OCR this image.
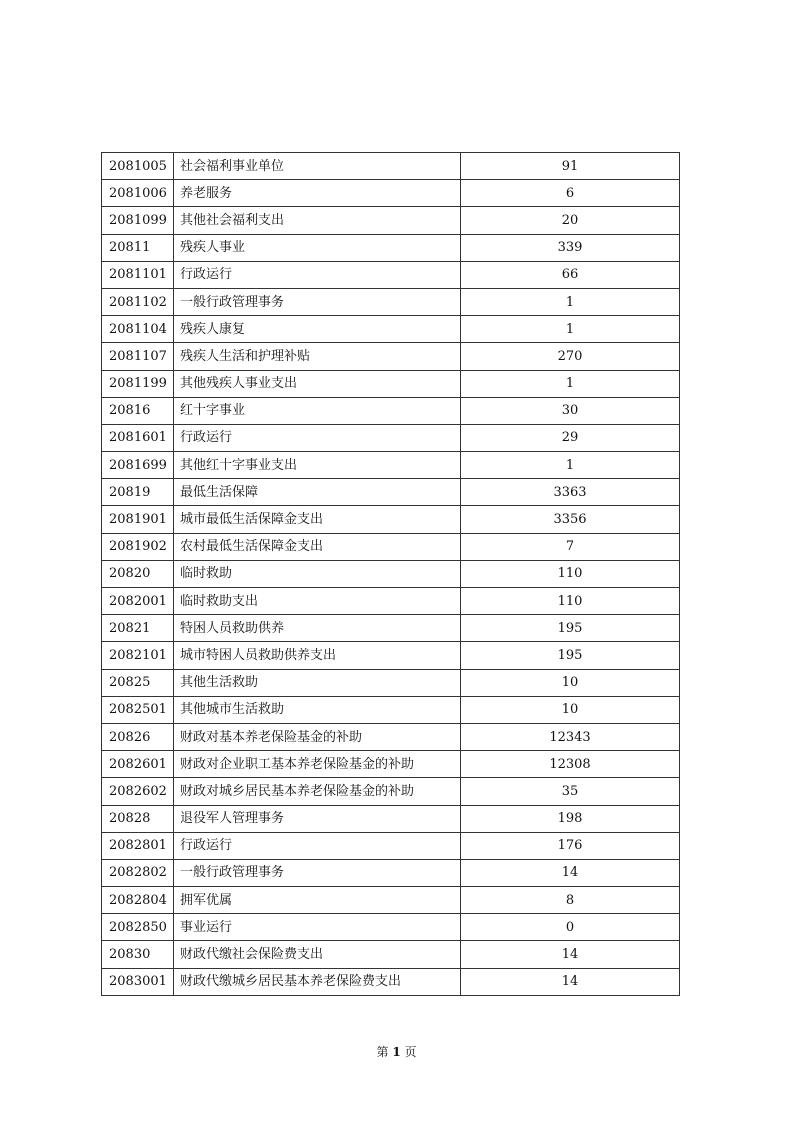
2081005	社会福利事业单位	91
2081006	养老服务	6
2081099	其他社会福利支出	20
20811	残疾人事业	339
2081101	行政运行	66
2081102	一般行政管理事务	1
2081104	残疾人康复	1
2081107	残疾人生活和护理补贴	270
2081199	其他残疾人事业支出	1
20816	红十字事业	30
2081601	行政运行	29
2081699	其他红十字事业支出	1
20819	最低生活保障	3363
2081901	城市最低生活保障金支出	3356
2081902	农村最低生活保障金支出	7
20820	临时救助	110
2082001	临时救助支出	110
20821	特困人员救助供养	195
2082101	城市特困人员救助供养支出	195
20825	其他生活救助	10
2082501	其他城市生活救助	10
20826	财政对基本养老保险基金的补助	12343
2082601	财政对企业职工基本养老保险基金的补助	12308
2082602	财政对城乡居民基本养老保险基金的补助	35
20828	退役军人管理事务	198
2082801	行政运行	176
2082802	一般行政管理事务	14
2082804	拥军优属	8
2082850	事业运行	0
20830	财政代缴社会保险费支出	14
2083001	财政代缴城乡居民基本养老保险费支出	14
第 1 页
